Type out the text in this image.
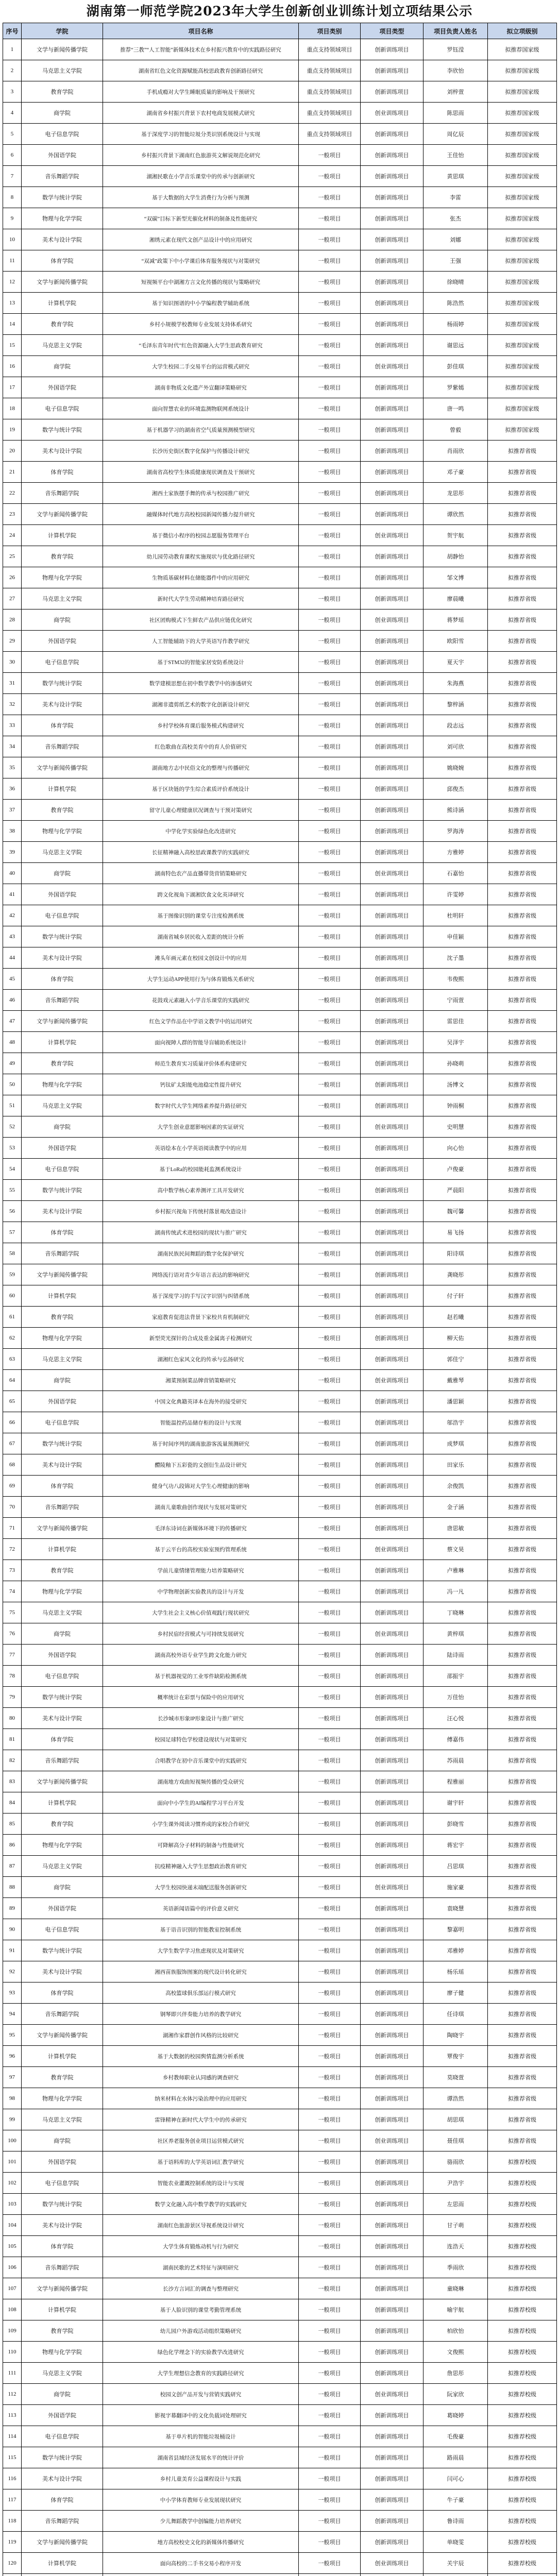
湖南第一师范学院2023年大学生创新创业训练计划立项结果公示
序号	学院	项目名称	项目类别	项目类型	项目负责人姓名	拟立项级别
1	文学与新闻传播学院	推荐“三教”“人工智能”新媒体技术在乡村振兴教育中的实践路径研究	重点支持领域项目	创新训练项目	罗钰滢	拟推荐国家级
2	马克思主义学院	湖南省红色文化资源赋能高校思政教育创新路径研究	重点支持领域项目	创新训练项目	李欣怡	拟推荐国家级
3	教育学院	手机成瘾对大学生睡眠质量的影响及干预研究	重点支持领域项目	创新训练项目	刘梓萱	拟推荐国家级
4	商学院	湖南省乡村振兴背景下农村电商发展模式研究	重点支持领域项目	创业训练项目	陈思雨	拟推荐国家级
5	电子信息学院	基于深度学习的智能垃圾分类识别系统设计与实现	重点支持领域项目	创新训练项目	周亿辰	拟推荐国家级
6	外国语学院	乡村振兴背景下湖南红色旅游英文解说规范化研究	一般项目	创新训练项目	王佳怡	拟推荐国家级
7	音乐舞蹈学院	湖湘民歌在小学音乐课堂中的传承与创新研究	一般项目	创新训练项目	黄思琪	拟推荐国家级
8	数学与统计学院	基于大数据的大学生消费行为分析与预测	一般项目	创新训练项目	李雷	拟推荐国家级
9	物理与化学学院	“双碳”目标下新型光催化材料的制备及性能研究	一般项目	创新训练项目	张杰	拟推荐国家级
10	美术与设计学院	湘绣元素在现代文创产品设计中的应用研究	一般项目	创新训练项目	刘娜	拟推荐国家级
11	体育学院	“双减”政策下中小学课后体育服务现状与对策研究	一般项目	创新训练项目	王强	拟推荐国家级
12	文学与新闻传播学院	短视频平台中湖湘方言文化传播的现状与策略研究	一般项目	创新训练项目	徐晓晴	拟推荐国家级
13	计算机学院	基于知识图谱的中小学编程教学辅助系统	一般项目	创新训练项目	陈浩然	拟推荐国家级
14	教育学院	乡村小规模学校教师专业发展支持体系研究	一般项目	创新训练项目	杨雨婷	拟推荐国家级
15	马克思主义学院	“毛泽东青年时代”红色资源融入大学生思政教育研究	一般项目	创新训练项目	谢思远	拟推荐国家级
16	商学院	大学生校园二手交易平台的运营模式研究	一般项目	创业训练项目	彭佳琪	拟推荐国家级
17	外国语学院	湖南非物质文化遗产外宣翻译策略研究	一般项目	创新训练项目	罗紫嫣	拟推荐国家级
18	电子信息学院	面向智慧农业的环境监测物联网系统设计	一般项目	创新训练项目	唐一鸣	拟推荐国家级
19	数学与统计学院	基于机器学习的湖南省空气质量预测模型研究	一般项目	创新训练项目	曾毅	拟推荐国家级
20	美术与设计学院	长沙历史街区数字化保护与传播设计研究	一般项目	创新训练项目	肖雨欣	拟推荐省级
21	体育学院	湖南省高校学生体质健康现状调查及干预研究	一般项目	创新训练项目	邓子豪	拟推荐省级
22	音乐舞蹈学院	湘西土家族摆手舞的传承与校园推广研究	一般项目	创新训练项目	龙思彤	拟推荐省级
23	文学与新闻传播学院	融媒体时代地方高校校园新闻传播力提升研究	一般项目	创新训练项目	谭欣然	拟推荐省级
24	计算机学院	基于微信小程序的校园志愿服务管理平台	一般项目	创业训练项目	贺宇航	拟推荐省级
25	教育学院	幼儿园劳动教育课程实施现状与优化路径研究	一般项目	创新训练项目	胡静怡	拟推荐省级
26	物理与化学学院	生物质基碳材料在储能器件中的应用研究	一般项目	创新训练项目	邹文博	拟推荐省级
27	马克思主义学院	新时代大学生劳动精神培育路径研究	一般项目	创新训练项目	廖晨曦	拟推荐省级
28	商学院	社区团购模式下生鲜农产品供应链优化研究	一般项目	创业训练项目	蒋梦瑶	拟推荐省级
29	外国语学院	人工智能辅助下的大学英语写作教学研究	一般项目	创新训练项目	欧阳雪	拟推荐省级
30	电子信息学院	基于STM32的智能家居安防系统设计	一般项目	创新训练项目	夏天宇	拟推荐省级
31	数学与统计学院	数学建模思想在初中数学教学中的渗透研究	一般项目	创新训练项目	朱海燕	拟推荐省级
32	美术与设计学院	湖湘非遗剪纸艺术的数字化创新设计研究	一般项目	创新训练项目	黎梓涵	拟推荐省级
33	体育学院	乡村学校体育课后服务模式构建研究	一般项目	创新训练项目	段志远	拟推荐省级
34	音乐舞蹈学院	红色歌曲在高校美育中的育人价值研究	一般项目	创新训练项目	刘可欣	拟推荐省级
35	文学与新闻传播学院	湖南地方志中民俗文化的整理与传播研究	一般项目	创新训练项目	姚晓婉	拟推荐省级
36	计算机学院	基于区块链的学生综合素质评价系统设计	一般项目	创新训练项目	邱俊杰	拟推荐省级
37	教育学院	留守儿童心理健康状况调查与干预对策研究	一般项目	创新训练项目	熊诗涵	拟推荐省级
38	物理与化学学院	中学化学实验绿色化改进研究	一般项目	创新训练项目	罗海涛	拟推荐省级
39	马克思主义学院	长征精神融入高校思政课教学的实践研究	一般项目	创新训练项目	方雅婷	拟推荐省级
40	商学院	湖南特色农产品直播带货营销策略研究	一般项目	创业训练项目	石嘉怡	拟推荐省级
41	外国语学院	跨文化视角下湖湘饮食文化英译研究	一般项目	创新训练项目	许雯婷	拟推荐省级
42	电子信息学院	基于图像识别的课堂专注度检测系统	一般项目	创新训练项目	杜明轩	拟推荐省级
43	数学与统计学院	湖南省城乡居民收入差距的统计分析	一般项目	创新训练项目	申佳颖	拟推荐省级
44	美术与设计学院	滩头年画元素在校园文创设计中的应用	一般项目	创新训练项目	沈子墨	拟推荐省级
45	体育学院	大学生运动APP使用行为与体育锻炼关系研究	一般项目	创新训练项目	韦俊熙	拟推荐省级
46	音乐舞蹈学院	花鼓戏元素融入小学音乐课堂的实践研究	一般项目	创新训练项目	宁雨萱	拟推荐省级
47	文学与新闻传播学院	红色文学作品在中学语文教学中的运用研究	一般项目	创新训练项目	雷思佳	拟推荐省级
48	计算机学院	面向视障人群的智能导盲辅助系统设计	一般项目	创新训练项目	吴泽宇	拟推荐省级
49	教育学院	师范生教育实习质量评价体系构建研究	一般项目	创新训练项目	孙晓萌	拟推荐省级
50	物理与化学学院	钙钛矿太阳能电池稳定性提升研究	一般项目	创新训练项目	汤博文	拟推荐省级
51	马克思主义学院	数字时代大学生网络素养提升路径研究	一般项目	创新训练项目	钟雨桐	拟推荐省级
52	商学院	大学生创业意愿影响因素的实证研究	一般项目	创业训练项目	史明慧	拟推荐省级
53	外国语学院	英语绘本在小学英语阅读教学中的应用	一般项目	创新训练项目	向心怡	拟推荐省级
54	电子信息学院	基于LoRa的校园能耗监测系统设计	一般项目	创新训练项目	卢俊豪	拟推荐省级
55	数学与统计学院	高中数学核心素养测评工具开发研究	一般项目	创新训练项目	严晨阳	拟推荐省级
56	美术与设计学院	乡村振兴视角下传统村落景观改造设计	一般项目	创新训练项目	魏可馨	拟推荐省级
57	体育学院	湖南传统武术进校园的现状与推广研究	一般项目	创新训练项目	易飞扬	拟推荐省级
58	音乐舞蹈学院	湖南民族民间舞蹈的数字化保护研究	一般项目	创新训练项目	阳诗琪	拟推荐省级
59	文学与新闻传播学院	网络流行语对青少年语言表达的影响研究	一般项目	创新训练项目	龚晓彤	拟推荐省级
60	计算机学院	基于深度学习的手写汉字识别与纠错系统	一般项目	创新训练项目	付子轩	拟推荐省级
61	教育学院	家庭教育促进法背景下家校共育机制研究	一般项目	创新训练项目	赵若曦	拟推荐省级
62	物理与化学学院	新型荧光探针的合成及重金属离子检测研究	一般项目	创新训练项目	柳天佑	拟推荐省级
63	马克思主义学院	湖湘红色家风文化的传承与弘扬研究	一般项目	创新训练项目	郭佳宁	拟推荐省级
64	商学院	湘菜预制菜品牌营销策略研究	一般项目	创业训练项目	戴雅琴	拟推荐省级
65	外国语学院	中国文化典籍英译本在海外的接受研究	一般项目	创新训练项目	潘思颖	拟推荐省级
66	电子信息学院	智能温控药品储存柜的设计与实现	一般项目	创新训练项目	邬浩宇	拟推荐省级
67	数学与统计学院	基于时间序列的湖南旅游客流量预测研究	一般项目	创新训练项目	成梦琪	拟推荐省级
68	美术与设计学院	醴陵釉下五彩瓷的文创衍生品设计研究	一般项目	创新训练项目	田家乐	拟推荐省级
69	体育学院	健身气功八段锦对大学生心理健康的影响	一般项目	创新训练项目	余俊凯	拟推荐省级
70	音乐舞蹈学院	湖南儿童歌曲创作现状与发展对策研究	一般项目	创新训练项目	金子涵	拟推荐省级
71	文学与新闻传播学院	毛泽东诗词在新媒体环境下的传播研究	一般项目	创新训练项目	唐思敏	拟推荐省级
72	计算机学院	基于云平台的高校实验室预约管理系统	一般项目	创业训练项目	蔡文昊	拟推荐省级
73	教育学院	学前儿童情绪管理能力培养策略研究	一般项目	创新训练项目	卢雅琳	拟推荐省级
74	物理与化学学院	中学物理创新实验教具的设计与开发	一般项目	创新训练项目	冯一凡	拟推荐省级
75	马克思主义学院	大学生社会主义核心价值观践行现状研究	一般项目	创新训练项目	丁晓琳	拟推荐省级
76	商学院	乡村民宿经营模式与可持续发展研究	一般项目	创业训练项目	黄梓琪	拟推荐省级
77	外国语学院	湖南高校外语专业学生跨文化能力研究	一般项目	创新训练项目	陆诗雨	拟推荐省级
78	电子信息学院	基于机器视觉的工业零件缺陷检测系统	一般项目	创新训练项目	邵振宇	拟推荐省级
79	数学与统计学院	概率统计在彩票与保险中的应用研究	一般项目	创新训练项目	万佳怡	拟推荐省级
80	美术与设计学院	长沙城市形象IP形象设计与推广研究	一般项目	创新训练项目	汪心悦	拟推荐省级
81	体育学院	校园足球特色学校建设现状与对策研究	一般项目	创新训练项目	傅嘉伟	拟推荐省级
82	音乐舞蹈学院	合唱教学在初中音乐课堂中的实践研究	一般项目	创新训练项目	苏雨晨	拟推荐省级
83	文学与新闻传播学院	湖南地方戏曲短视频传播的受众研究	一般项目	创新训练项目	程雅丽	拟推荐省级
84	计算机学院	面向中小学生的AI编程学习平台开发	一般项目	创新训练项目	谢宇轩	拟推荐省级
85	教育学院	小学生课外阅读习惯养成的家校合作研究	一般项目	创新训练项目	彭晓雪	拟推荐省级
86	物理与化学学院	可降解高分子材料的制备与性能研究	一般项目	创新训练项目	蒋宏宇	拟推荐省级
87	马克思主义学院	抗疫精神融入大学生思想政治教育研究	一般项目	创新训练项目	吕思琪	拟推荐省级
88	商学院	大学生校园快递末端配送服务创新研究	一般项目	创业训练项目	施家豪	拟推荐省级
89	外国语学院	英语新闻语篇中的评价意义研究	一般项目	创新训练项目	袁晓慧	拟推荐省级
90	电子信息学院	基于语音识别的智能教室控制系统	一般项目	创新训练项目	黎嘉明	拟推荐省级
91	数学与统计学院	大学生数学学习焦虑现状及对策研究	一般项目	创新训练项目	邓雅婷	拟推荐省级
92	美术与设计学院	湘西苗族服饰图案的现代设计转化研究	一般项目	创新训练项目	杨乐瑶	拟推荐省级
93	体育学院	高校篮球俱乐部运行模式研究	一般项目	创新训练项目	廖子健	拟推荐省级
94	音乐舞蹈学院	钢琴即兴伴奏能力培养的教学研究	一般项目	创新训练项目	任诗琪	拟推荐省级
95	文学与新闻传播学院	湖湘作家群创作风格的比较研究	一般项目	创新训练项目	陶晓宇	拟推荐省级
96	计算机学院	基于大数据的校园舆情监测分析系统	一般项目	创新训练项目	覃俊宇	拟推荐省级
97	教育学院	乡村教师职业认同感的调查研究	一般项目	创新训练项目	莫晓萱	拟推荐省级
98	物理与化学学院	纳米材料在水体污染治理中的应用研究	一般项目	创新训练项目	谭浩然	拟推荐省级
99	马克思主义学院	雷锋精神在新时代大学生中的传承研究	一般项目	创新训练项目	胡思琪	拟推荐省级
100	商学院	社区养老服务创业项目运营模式研究	一般项目	创业训练项目	聂佳琪	拟推荐省级
101	外国语学院	基于语料库的大学英语词汇教学研究	一般项目	创新训练项目	骆雨欣	拟推荐校级
102	电子信息学院	智能农业灌溉控制系统的设计与实现	一般项目	创新训练项目	尹浩宇	拟推荐校级
103	数学与统计学院	数学文化融入高中数学教学的实践研究	一般项目	创新训练项目	左思雨	拟推荐校级
104	美术与设计学院	湖南红色旅游景区导视系统设计研究	一般项目	创新训练项目	甘子萌	拟推荐校级
105	体育学院	大学生体育锻炼动机与行为研究	一般项目	创新训练项目	连浩天	拟推荐校级
106	音乐舞蹈学院	湖南民歌的艺术特征与演唱研究	一般项目	创新训练项目	季雨欣	拟推荐校级
107	文学与新闻传播学院	长沙方言词汇的调查与整理研究	一般项目	创新训练项目	童晓琳	拟推荐校级
108	计算机学院	基于人脸识别的课堂考勤管理系统	一般项目	创新训练项目	喻宇航	拟推荐校级
109	教育学院	幼儿园户外游戏活动组织策略研究	一般项目	创新训练项目	柏欣怡	拟推荐校级
110	物理与化学学院	绿色化学理念下的实验教学改进研究	一般项目	创新训练项目	文俊熙	拟推荐校级
111	马克思主义学院	大学生理想信念教育的实践路径研究	一般项目	创新训练项目	詹思彤	拟推荐校级
112	商学院	校园文创产品开发与营销实践研究	一般项目	创业训练项目	阮家欣	拟推荐校级
113	外国语学院	影视字幕翻译中的文化负载词处理研究	一般项目	创新训练项目	葛晓婷	拟推荐校级
114	电子信息学院	基于单片机的智能垃圾桶设计	一般项目	创新训练项目	毛俊豪	拟推荐校级
115	数学与统计学院	湖南省县域经济发展水平的统计评价	一般项目	创新训练项目	路雨晨	拟推荐校级
116	美术与设计学院	乡村儿童美育公益课程设计与实践	一般项目	创新训练项目	闫可心	拟推荐校级
117	体育学院	中小学体育教师专业发展现状研究	一般项目	创新训练项目	牛子豪	拟推荐校级
118	音乐舞蹈学院	少儿舞蹈教学中创编能力培养研究	一般项目	创新训练项目	鲁诗雨	拟推荐校级
119	文学与新闻传播学院	地方高校校史文化的新媒体传播研究	一般项目	创新训练项目	单晓雯	拟推荐校级
120	计算机学院	面向高校的二手书交易小程序开发	一般项目	创业训练项目	关宇辰	拟推荐校级
